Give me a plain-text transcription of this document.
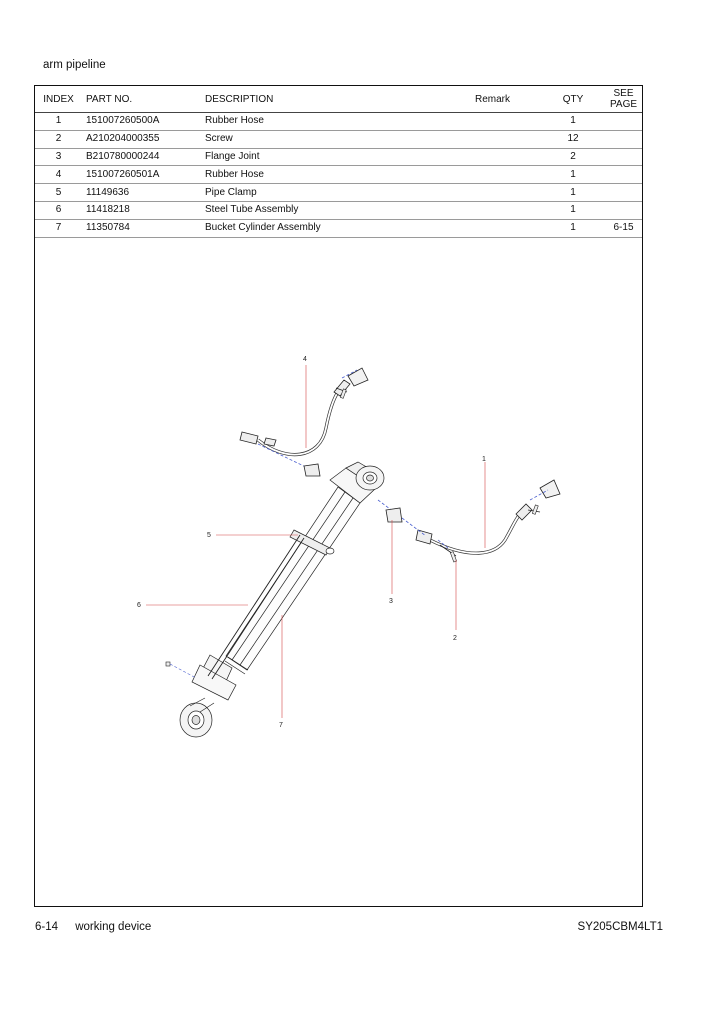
arm pipeline
INDEX	PART NO.	DESCRIPTION	Remark	QTY	SEE PAGE
1	151007260500A	Rubber Hose		1	
2	A210204000355	Screw		12	
3	B210780000244	Flange Joint		2	
4	151007260501A	Rubber Hose		1	
5	11149636	Pipe Clamp		1	
6	11418218	Steel Tube Assembly		1	
7	11350784	Bucket Cylinder Assembly		1	6-15
4
1
5
3
6
2
7
6-14 working device	SY205CBM4LT1
